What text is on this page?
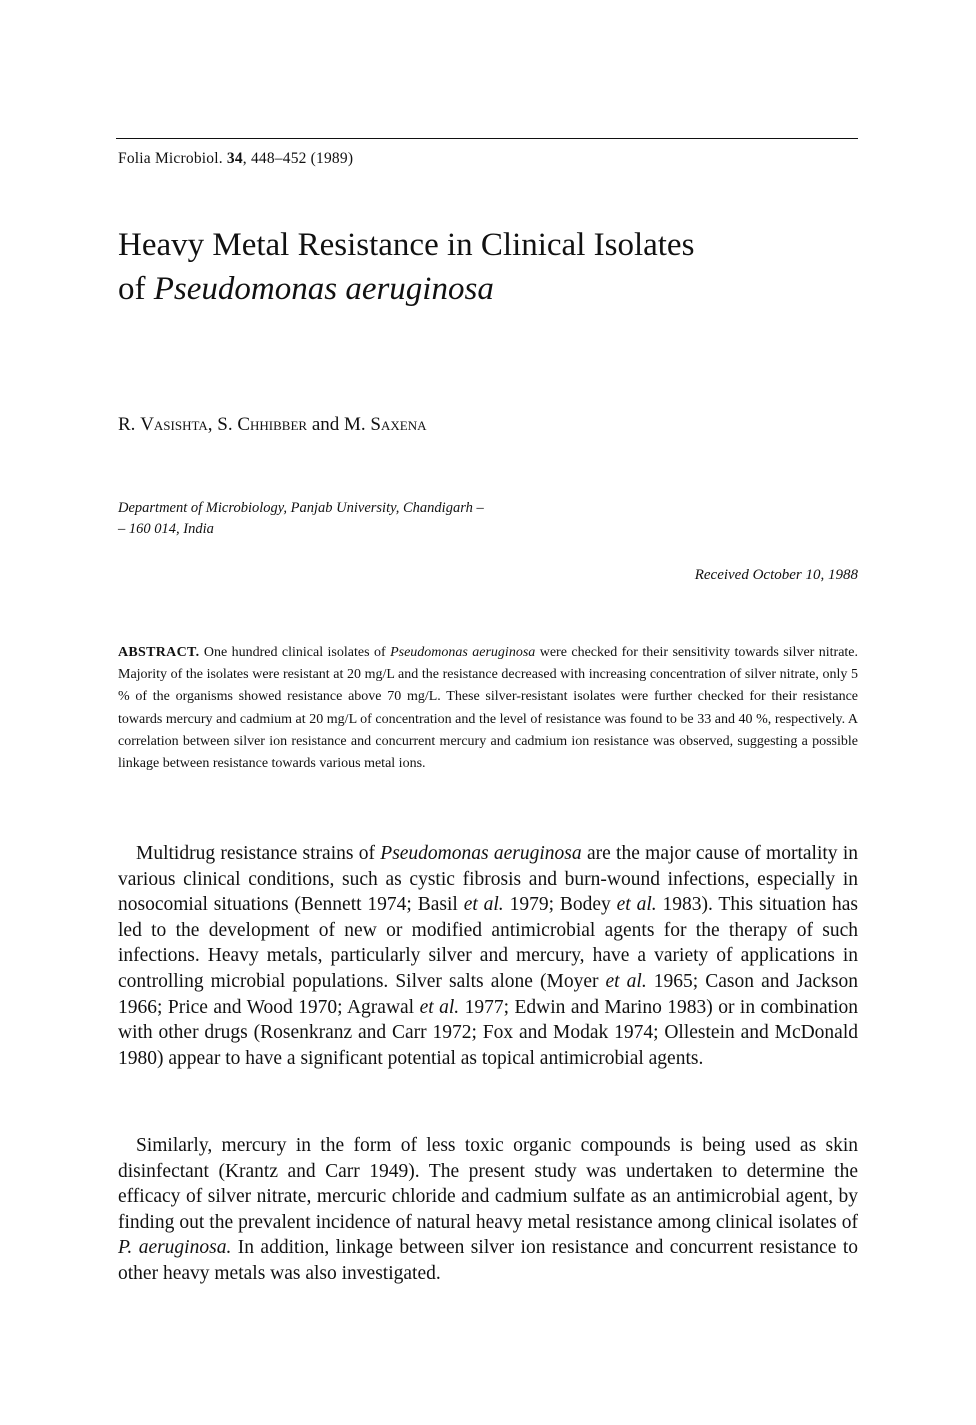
Folia Microbiol. 34, 448–452 (1989)
Heavy Metal Resistance in Clinical Isolates
of Pseudomonas aeruginosa
R. Vasishta, S. Chhibber and M. Saxena
Department of Microbiology, Panjab University, Chandigarh –
– 160 014, India
Received October 10, 1988
ABSTRACT. One hundred clinical isolates of Pseudomonas aeruginosa were checked for their sensitivity towards silver nitrate. Majority of the isolates were resistant at 20 mg/L and the resistance decreased with increasing concentration of silver nitrate, only 5 % of the organisms showed resistance above 70 mg/L. These silver-resistant isolates were further checked for their resistance towards mercury and cadmium at 20 mg/L of concentration and the level of resistance was found to be 33 and 40 %, respectively. A correlation between silver ion resistance and concurrent mercury and cadmium ion resistance was observed, suggesting a possible linkage between resistance towards various metal ions.
Multidrug resistance strains of Pseudomonas aeruginosa are the major cause of mortality in various clinical conditions, such as cystic fibrosis and burn-wound infections, especially in nosocomial situations (Bennett 1974; Basil et al. 1979; Bodey et al. 1983). This situation has led to the development of new or modified antimicrobial agents for the therapy of such infections. Heavy metals, particularly silver and mercury, have a variety of applications in controlling microbial populations. Silver salts alone (Moyer et al. 1965; Cason and Jackson 1966; Price and Wood 1970; Agrawal et al. 1977; Edwin and Marino 1983) or in combination with other drugs (Rosenkranz and Carr 1972; Fox and Modak 1974; Ollestein and McDonald 1980) appear to have a significant potential as topical antimicrobial agents.
Similarly, mercury in the form of less toxic organic compounds is being used as skin disinfectant (Krantz and Carr 1949). The present study was undertaken to determine the efficacy of silver nitrate, mercuric chloride and cadmium sulfate as an antimicrobial agent, by finding out the prevalent incidence of natural heavy metal resistance among clinical isolates of P. aeruginosa. In addition, linkage between silver ion resistance and concurrent resistance to other heavy metals was also investigated.
